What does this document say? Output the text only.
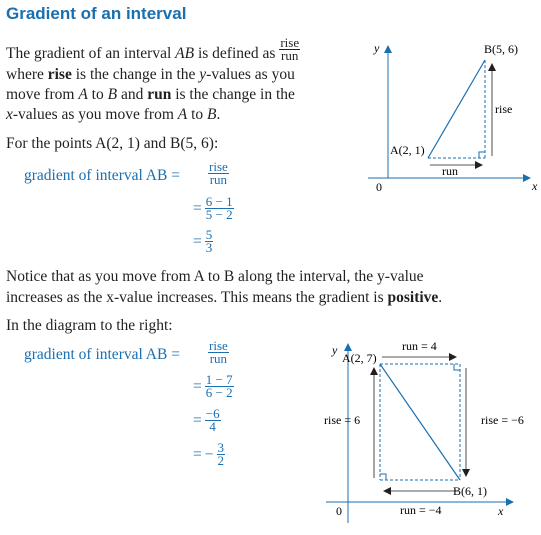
Gradient of an interval
The gradient of an interval AB is defined as $\frac{\text{rise}}{\text{run}}$
where rise is the change in the y-values as you
move from A to B and run is the change in the
x-values as you move from A to B.
For the points A(2, 1) and B(5, 6):
gradient of interval AB = $\frac{\text{rise}}{\text{run}}$
= $\frac{6 - 1}{5 - 2}$
= $\frac{5}{3}$
y
x
0
run
rise
A(2, 1)
B(5, 6)
Notice that as you move from A to B along the interval, the y-value
increases as the x-value increases. This means the gradient is positive.
In the diagram to the right:
gradient of interval AB = $\frac{\text{rise}}{\text{run}}$
= $\frac{1 - 7}{6 - 2}$
= $\frac{-6}{4}$
= − $\frac{3}{2}$
y
x
0
run = 4
run = −4
rise = 6	rise = −6
A(2, 7)
B(6, 1)
